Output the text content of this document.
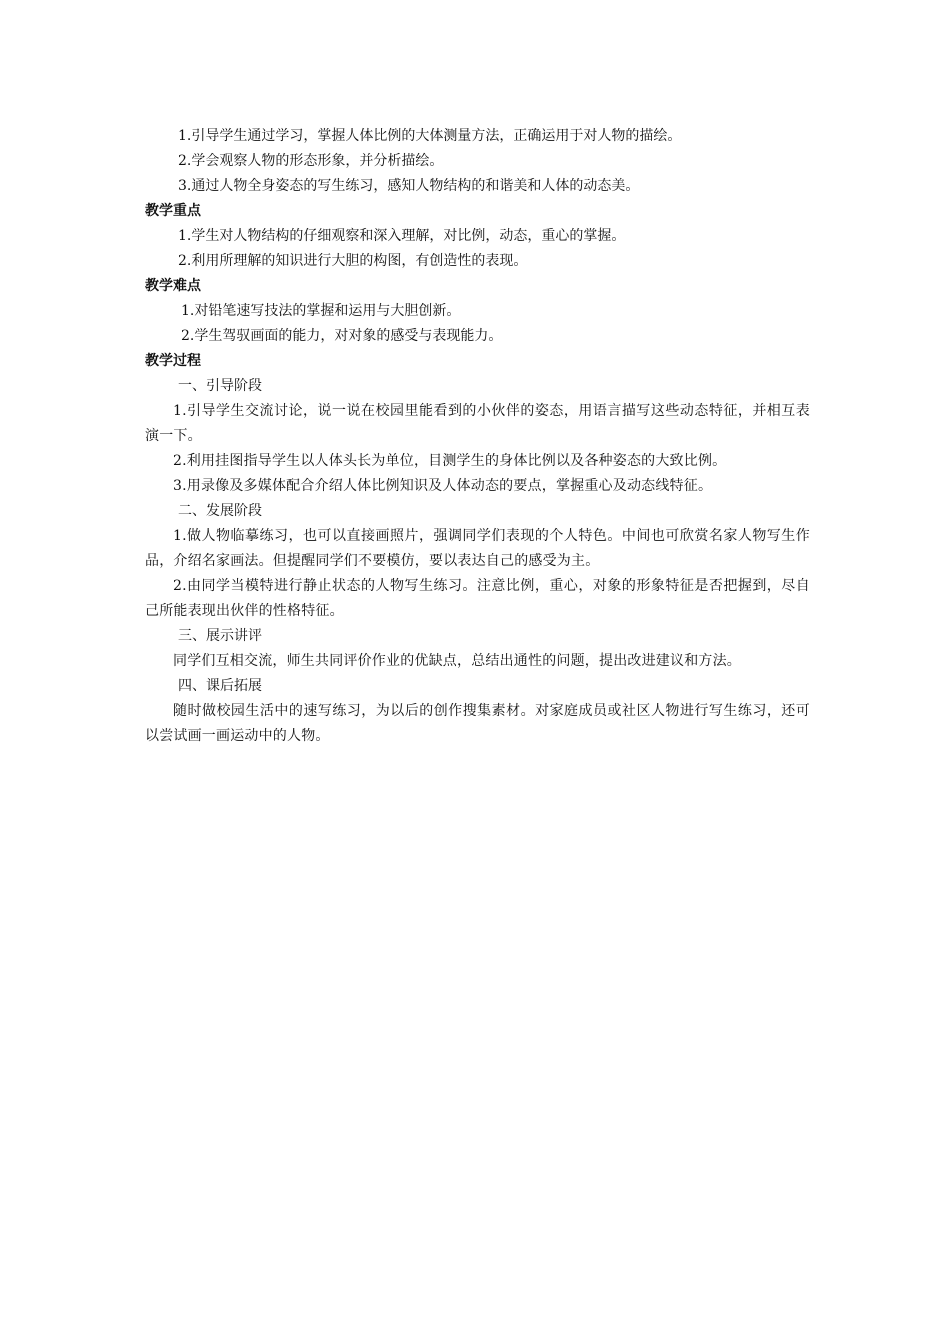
1.引导学生通过学习，掌握人体比例的大体测量方法，正确运用于对人物的描绘。
2.学会观察人物的形态形象，并分析描绘。
3.通过人物全身姿态的写生练习，感知人物结构的和谐美和人体的动态美。
教学重点
1.学生对人物结构的仔细观察和深入理解，对比例，动态，重心的掌握。
2.利用所理解的知识进行大胆的构图，有创造性的表现。
教学难点
1.对铅笔速写技法的掌握和运用与大胆创新。
2.学生驾驭画面的能力，对对象的感受与表现能力。
教学过程
一、引导阶段
1.引导学生交流讨论，说一说在校园里能看到的小伙伴的姿态，用语言描写这些动态特征，并相互表演一下。
2.利用挂图指导学生以人体头长为单位，目测学生的身体比例以及各种姿态的大致比例。
3.用录像及多媒体配合介绍人体比例知识及人体动态的要点，掌握重心及动态线特征。
二、发展阶段
1.做人物临摹练习，也可以直接画照片，强调同学们表现的个人特色。中间也可欣赏名家人物写生作品，介绍名家画法。但提醒同学们不要模仿，要以表达自己的感受为主。
2.由同学当模特进行静止状态的人物写生练习。注意比例，重心，对象的形象特征是否把握到，尽自己所能表现出伙伴的性格特征。
三、展示讲评
同学们互相交流，师生共同评价作业的优缺点，总结出通性的问题，提出改进建议和方法。
四、课后拓展
随时做校园生活中的速写练习，为以后的创作搜集素材。对家庭成员或社区人物进行写生练习，还可以尝试画一画运动中的人物。
